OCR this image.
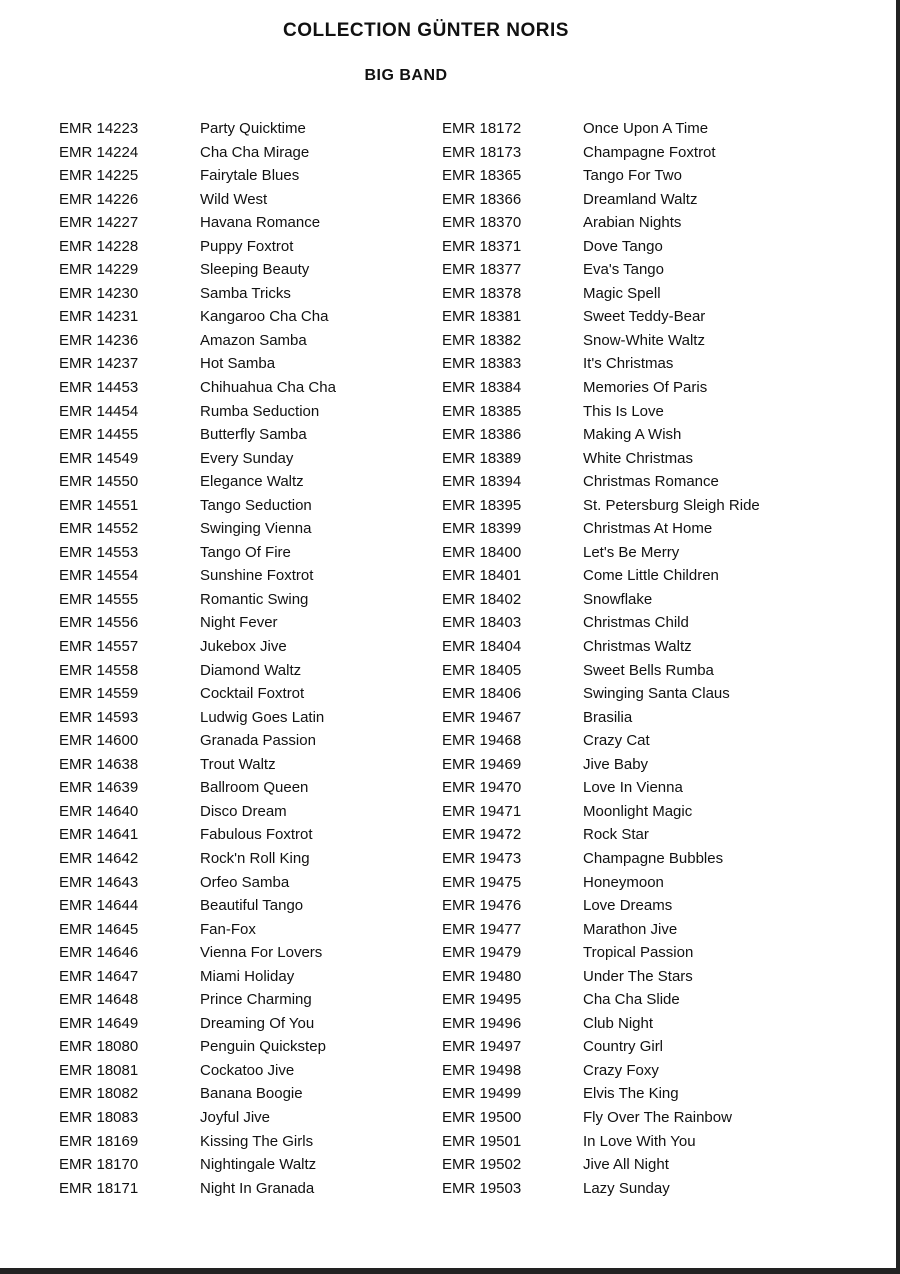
COLLECTION GÜNTER NORIS
BIG BAND
EMR 14223	Party Quicktime
EMR 14224	Cha Cha Mirage
EMR 14225	Fairytale Blues
EMR 14226	Wild West
EMR 14227	Havana Romance
EMR 14228	Puppy Foxtrot
EMR 14229	Sleeping Beauty
EMR 14230	Samba Tricks
EMR 14231	Kangaroo Cha Cha
EMR 14236	Amazon Samba
EMR 14237	Hot Samba
EMR 14453	Chihuahua Cha Cha
EMR 14454	Rumba Seduction
EMR 14455	Butterfly Samba
EMR 14549	Every Sunday
EMR 14550	Elegance Waltz
EMR 14551	Tango Seduction
EMR 14552	Swinging Vienna
EMR 14553	Tango Of Fire
EMR 14554	Sunshine Foxtrot
EMR 14555	Romantic Swing
EMR 14556	Night Fever
EMR 14557	Jukebox Jive
EMR 14558	Diamond Waltz
EMR 14559	Cocktail Foxtrot
EMR 14593	Ludwig Goes Latin
EMR 14600	Granada Passion
EMR 14638	Trout Waltz
EMR 14639	Ballroom Queen
EMR 14640	Disco Dream
EMR 14641	Fabulous Foxtrot
EMR 14642	Rock'n Roll King
EMR 14643	Orfeo Samba
EMR 14644	Beautiful Tango
EMR 14645	Fan-Fox
EMR 14646	Vienna For Lovers
EMR 14647	Miami Holiday
EMR 14648	Prince Charming
EMR 14649	Dreaming Of You
EMR 18080	Penguin Quickstep
EMR 18081	Cockatoo Jive
EMR 18082	Banana Boogie
EMR 18083	Joyful Jive
EMR 18169	Kissing The Girls
EMR 18170	Nightingale Waltz
EMR 18171	Night In Granada
EMR 18172	Once Upon A Time
EMR 18173	Champagne Foxtrot
EMR 18365	Tango For Two
EMR 18366	Dreamland Waltz
EMR 18370	Arabian Nights
EMR 18371	Dove Tango
EMR 18377	Eva's Tango
EMR 18378	Magic Spell
EMR 18381	Sweet Teddy-Bear
EMR 18382	Snow-White Waltz
EMR 18383	It's Christmas
EMR 18384	Memories Of Paris
EMR 18385	This Is Love
EMR 18386	Making A Wish
EMR 18389	White Christmas
EMR 18394	Christmas Romance
EMR 18395	St. Petersburg Sleigh Ride
EMR 18399	Christmas At Home
EMR 18400	Let's Be Merry
EMR 18401	Come Little Children
EMR 18402	Snowflake
EMR 18403	Christmas Child
EMR 18404	Christmas Waltz
EMR 18405	Sweet Bells Rumba
EMR 18406	Swinging Santa Claus
EMR 19467	Brasilia
EMR 19468	Crazy Cat
EMR 19469	Jive Baby
EMR 19470	Love In Vienna
EMR 19471	Moonlight Magic
EMR 19472	Rock Star
EMR 19473	Champagne Bubbles
EMR 19475	Honeymoon
EMR 19476	Love Dreams
EMR 19477	Marathon Jive
EMR 19479	Tropical Passion
EMR 19480	Under The Stars
EMR 19495	Cha Cha Slide
EMR 19496	Club Night
EMR 19497	Country Girl
EMR 19498	Crazy Foxy
EMR 19499	Elvis The King
EMR 19500	Fly Over The Rainbow
EMR 19501	In Love With You
EMR 19502	Jive All Night
EMR 19503	Lazy Sunday
